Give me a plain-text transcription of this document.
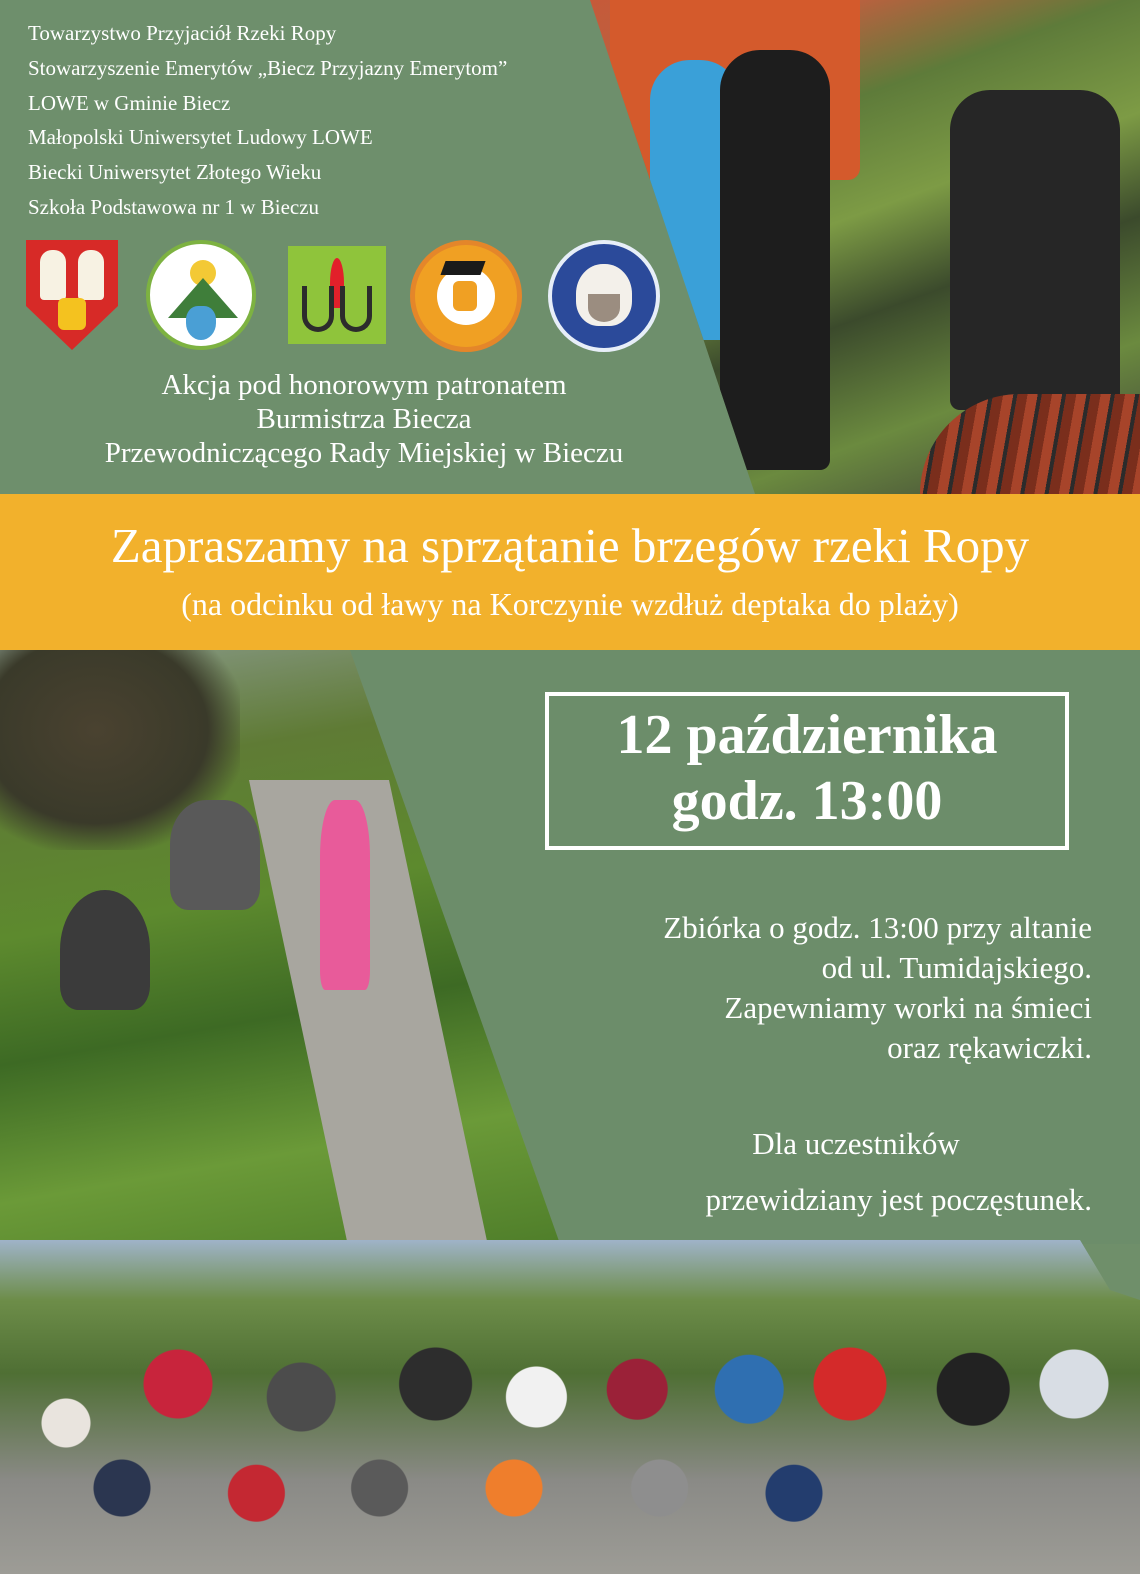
Towarzystwo Przyjaciół Rzeki Ropy
Stowarzyszenie Emerytów „Biecz Przyjazny Emerytom”
LOWE w Gminie Biecz
Małopolski Uniwersytet Ludowy LOWE
Biecki Uniwersytet Złotego Wieku
Szkoła Podstawowa nr 1 w Bieczu
Akcja pod honorowym patronatem
Burmistrza Biecza
Przewodniczącego Rady Miejskiej w Bieczu
Zapraszamy na sprzątanie brzegów rzeki Ropy
(na odcinku od ławy na Korczynie wzdłuż deptaka do plaży)
12 października
godz. 13:00
Zbiórka o godz. 13:00 przy altanie
od ul. Tumidajskiego.
Zapewniamy worki na śmieci
oraz rękawiczki.
Dla uczestników
przewidziany jest poczęstunek.
